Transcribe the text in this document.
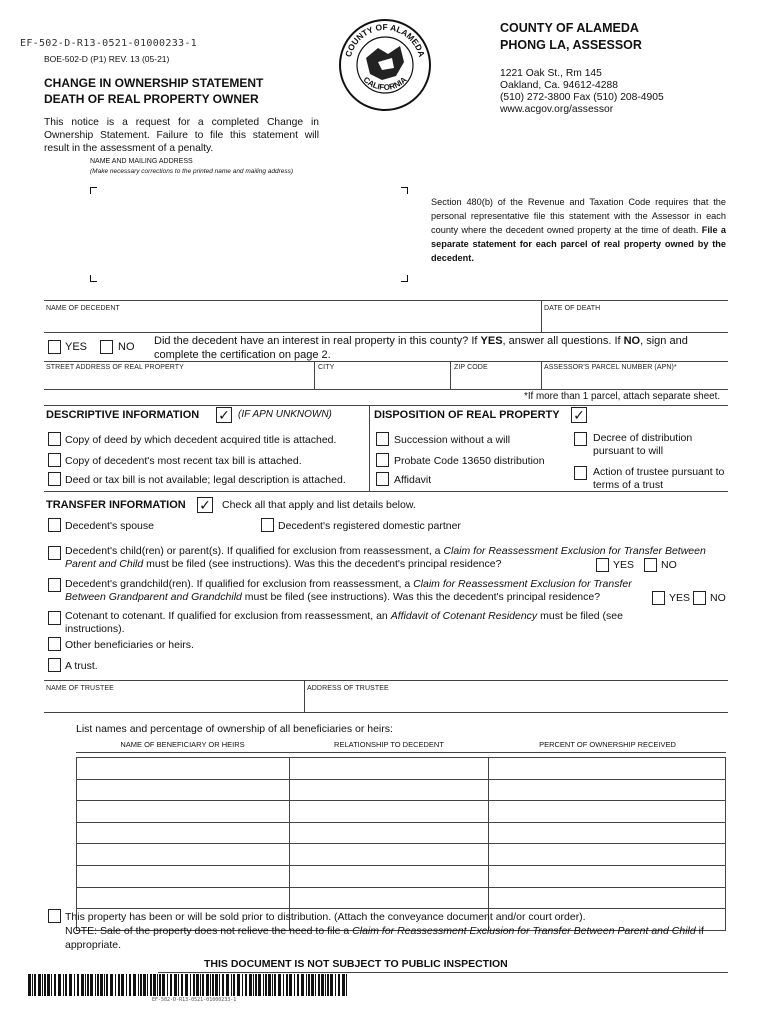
EF-502-D-R13-0521-01000233-1
BOE-502-D (P1) REV. 13 (05-21)
CHANGE IN OWNERSHIP STATEMENT
DEATH OF REAL PROPERTY OWNER
This notice is a request for a completed Change in Ownership Statement. Failure to file this statement will result in the assessment of a penalty.
COUNTY OF ALAMEDA
CALIFORNIA
COUNTY OF ALAMEDA
PHONG LA, ASSESSOR
1221 Oak St., Rm 145
Oakland, Ca. 94612-4288
(510) 272-3800 Fax (510) 208-4905
www.acgov.org/assessor
NAME AND MAILING ADDRESS
(Make necessary corrections to the printed name and mailing address)
Section 480(b) of the Revenue and Taxation Code requires that the personal representative file this statement with the Assessor in each county where the decedent owned property at the time of death. File a separate statement for each parcel of real property owned by the decedent.
NAME OF DECEDENT	DATE OF DEATH
YES	NO Did the decedent have an interest in real property in this county? If YES, answer all questions. If NO, sign and complete the certification on page 2.
STREET ADDRESS OF REAL PROPERTY	CITY	ZIP CODE	ASSESSOR'S PARCEL NUMBER (APN)*
*If more than 1 parcel, attach separate sheet.
DESCRIPTIVE INFORMATION ✓ (IF APN UNKNOWN)
Copy of deed by which decedent acquired title is attached.
Copy of decedent's most recent tax bill is attached.
Deed or tax bill is not available; legal description is attached.
DISPOSITION OF REAL PROPERTY ✓
Succession without a will
Probate Code 13650 distribution
Affidavit
Decree of distribution pursuant to will
Action of trustee pursuant to terms of a trust
TRANSFER INFORMATION ✓ Check all that apply and list details below.
Decedent's spouse	Decedent's registered domestic partner
Decedent's child(ren) or parent(s). If qualified for exclusion from reassessment, a Claim for Reassessment Exclusion for Transfer Between Parent and Child must be filed (see instructions). Was this the decedent's principal residence?	YES	NO
Decedent's grandchild(ren). If qualified for exclusion from reassessment, a Claim for Reassessment Exclusion for Transfer Between Grandparent and Grandchild must be filed (see instructions). Was this the decedent's principal residence?	YES NO
Cotenant to cotenant. If qualified for exclusion from reassessment, an Affidavit of Cotenant Residency must be filed (see instructions).
Other beneficiaries or heirs.
A trust.
NAME OF TRUSTEE	ADDRESS OF TRUSTEE
List names and percentage of ownership of all beneficiaries or heirs:
NAME OF BENEFICIARY OR HEIRS	RELATIONSHIP TO DECEDENT	PERCENT OF OWNERSHIP RECEIVED

This property has been or will be sold prior to distribution. (Attach the conveyance document and/or court order).
NOTE: Sale of the property does not relieve the need to file a Claim for Reassessment Exclusion for Transfer Between Parent and Child if appropriate.
THIS DOCUMENT IS NOT SUBJECT TO PUBLIC INSPECTION
EF-502-D-R13-0521-01000233-1
